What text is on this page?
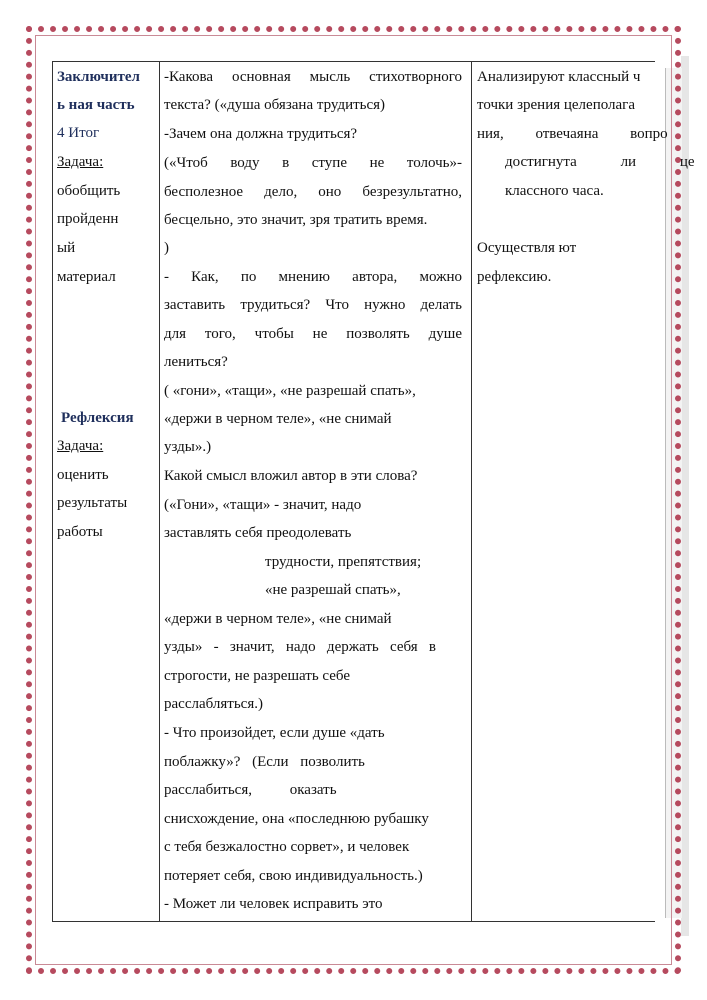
Заключител
ь ная часть
4 Итог
Задача:
обобщить
пройденн
ый
материал
Рефлексия
Задача:
оценить
результаты
работы
-Какова основная мысль стихотворного
текста? («душа обязана трудиться)
-Зачем она должна трудиться?
(«Чтоб воду в ступе не толочь»-
бесполезное дело, оно безрезультатно,
бесцельно, это значит, зря тратить время.
)
- Как, по мнению автора, можно
заставить трудиться? Что нужно делать
для того, чтобы не позволять душе
лениться?
( «гони», «тащи», «не разрешай спать»,
«держи в черном теле», «не снимай
узды».)
Какой смысл вложил автор в эти слова?
(«Гони», «тащи» - значит, надо
заставлять себя преодолевать
трудности, препятствия;
«не разрешай спать»,
«держи в черном теле», «не снимай
узды» - значит, надо держать себя в
строгости, не разрешать себе
расслабляться.)
- Что произойдет, если душе «дать
поблажку»? (Если позволить
расслабиться, оказать
снисхождение, она «последнюю рубашку
с тебя безжалостно сорвет», и человек
потеряет себя, свою индивидуальность.)
- Может ли человек исправить это
Анализируют классный ч
точки зрения целеполага
ния, отвечаяна вопро
достигнута ли це
классного часа.
Осуществля ют
рефлексию.
